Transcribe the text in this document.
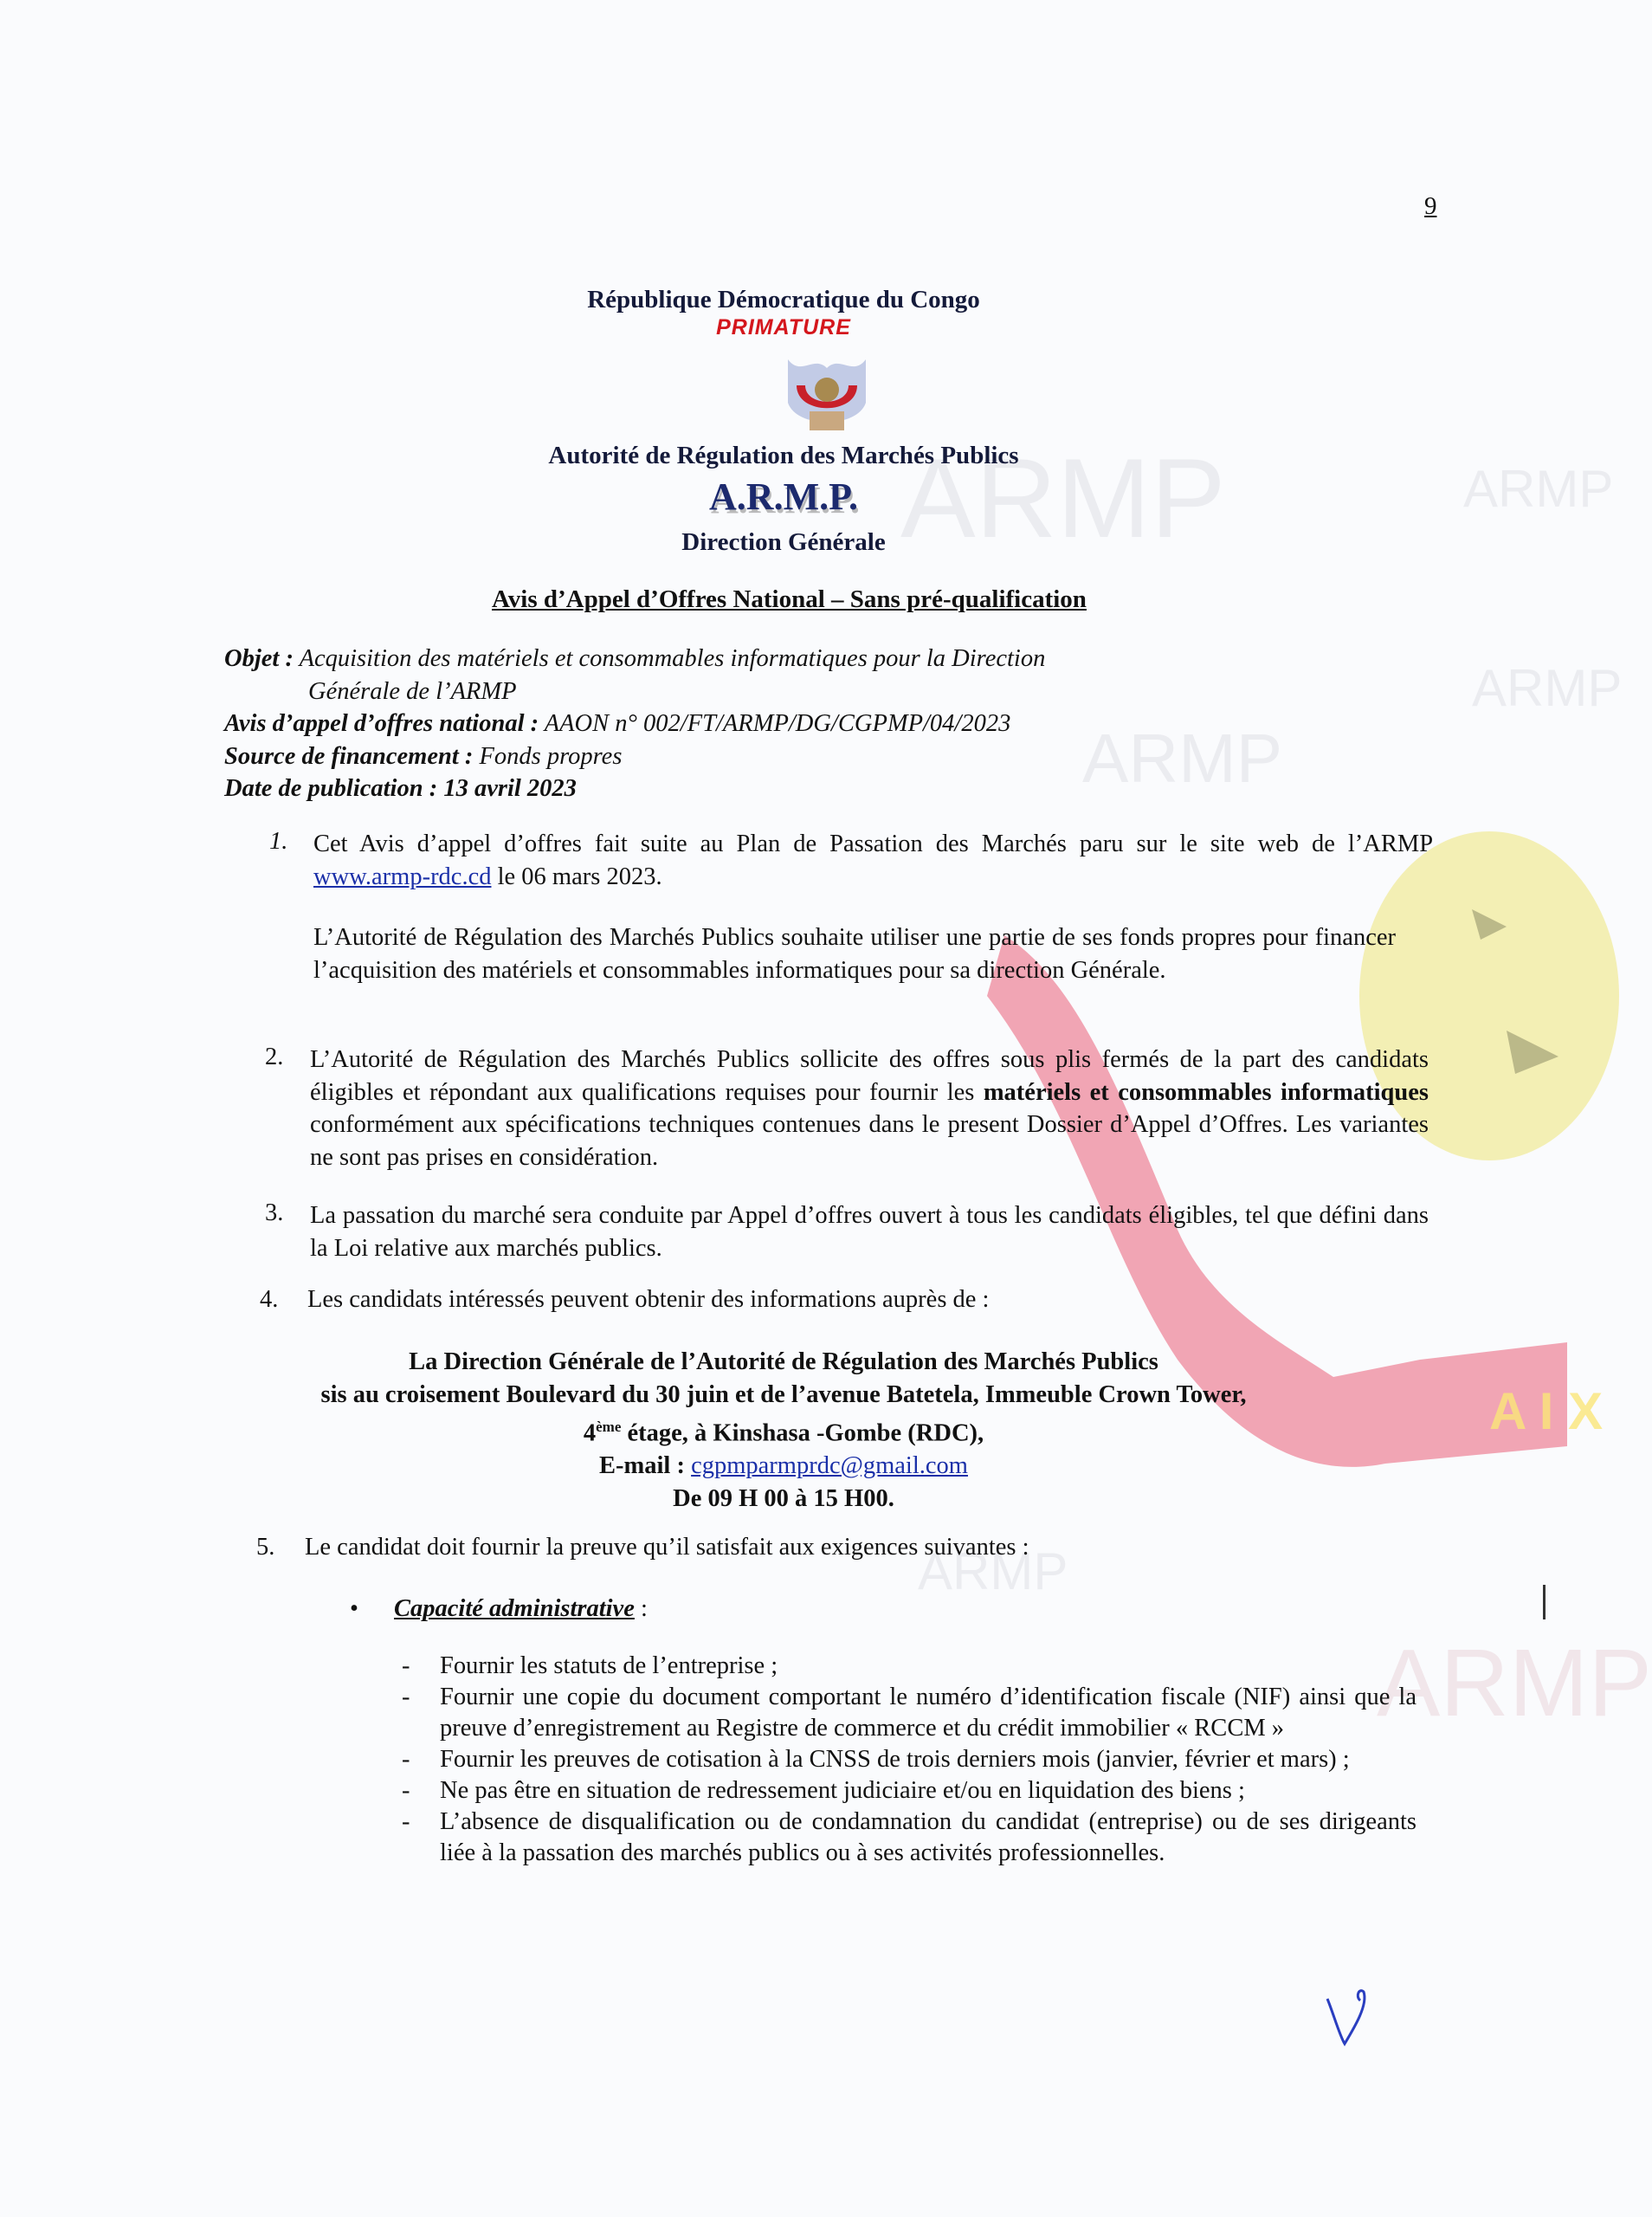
ARMP	ARMP
ARMP
ARMP
ARMP
ARMP
A I X
9
République Démocratique du Congo
PRIMATURE
Autorité de Régulation des Marchés Publics
A.R.M.P.
Direction Générale
Avis d’Appel d’Offres National – Sans pré-qualification
Objet : Acquisition des matériels et consommables informatiques pour la Direction
Générale de l’ARMP
Avis d’appel d’offres national : AAON n° 002/FT/ARMP/DG/CGPMP/04/2023
Source de financement : Fonds propres
Date de publication : 13 avril 2023
1. Cet Avis d’appel d’offres fait suite au Plan de Passation des Marchés paru sur le site web de l’ARMP www.armp-rdc.cd le 06 mars 2023.
L’Autorité de Régulation des Marchés Publics souhaite utiliser une partie de ses fonds propres pour financer l’acquisition des matériels et consommables informatiques pour sa direction Générale.
2. L’Autorité de Régulation des Marchés Publics sollicite des offres sous plis fermés de la part des candidats éligibles et répondant aux qualifications requises pour fournir les matériels et consommables informatiques conformément aux spécifications techniques contenues dans le present Dossier d’Appel d’Offres. Les variantes ne sont pas prises en considération.
3. La passation du marché sera conduite par Appel d’offres ouvert à tous les candidats éligibles, tel que défini dans la Loi relative aux marchés publics.
4. Les candidats intéressés peuvent obtenir des informations auprès de :
La Direction Générale de l’Autorité de Régulation des Marchés Publics
sis au croisement Boulevard du 30 juin et de l’avenue Batetela, Immeuble Crown Tower,
4ème étage, à Kinshasa -Gombe (RDC),
E-mail : cgpmparmprdc@gmail.com
De 09 H 00 à 15 H00.
5. Le candidat doit fournir la preuve qu’il satisfait aux exigences suivantes :
• Capacité administrative :
- Fournir les statuts de l’entreprise ;
- Fournir une copie du document comportant le numéro d’identification fiscale (NIF) ainsi que la preuve d’enregistrement au Registre de commerce et du crédit immobilier « RCCM »
- Fournir les preuves de cotisation à la CNSS de trois derniers mois (janvier, février et mars) ;
- Ne pas être en situation de redressement judiciaire et/ou en liquidation des biens ;
- L’absence de disqualification ou de condamnation du candidat (entreprise) ou de ses dirigeants liée à la passation des marchés publics ou à ses activités professionnelles.
